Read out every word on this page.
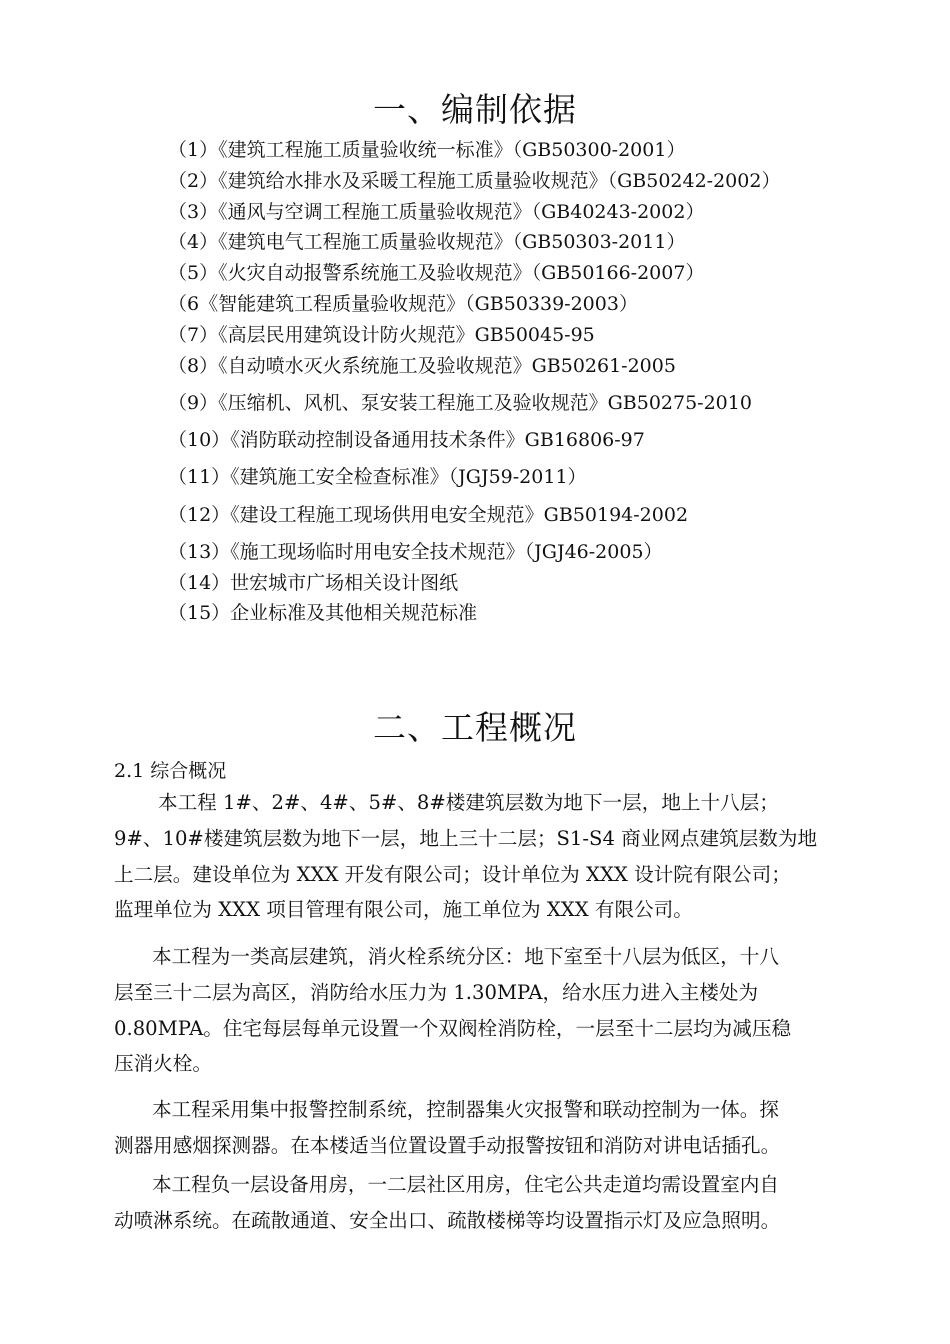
一、编制依据
（1）《建筑工程施工质量验收统一标准》（GB50300-2001）
（2）《建筑给水排水及采暖工程施工质量验收规范》（GB50242-2002）
（3）《通风与空调工程施工质量验收规范》（GB40243-2002）
（4）《建筑电气工程施工质量验收规范》（GB50303-2011）
（5）《火灾自动报警系统施工及验收规范》（GB50166-2007）
（6《智能建筑工程质量验收规范》（GB50339-2003）
（7）《高层民用建筑设计防火规范》GB50045-95
（8）《自动喷水灭火系统施工及验收规范》GB50261-2005
（9）《压缩机、风机、泵安装工程施工及验收规范》GB50275-2010
（10）《消防联动控制设备通用技术条件》GB16806-97
（11）《建筑施工安全检查标准》（JGJ59-2011）
（12）《建设工程施工现场供用电安全规范》GB50194-2002
（13）《施工现场临时用电安全技术规范》（JGJ46-2005）
（14）世宏城市广场相关设计图纸
（15）企业标准及其他相关规范标准
二、工程概况
2.1 综合概况

本工程 1#、2#、4#、5#、8#楼建筑层数为地下一层，地上十八层；
9#、10#楼建筑层数为地下一层，地上三十二层；S1-S4 商业网点建筑层数为地
上二层。建设单位为 XXX 开发有限公司；设计单位为 XXX 设计院有限公司；
监理单位为 XXX 项目管理有限公司，施工单位为 XXX 有限公司。

本工程为一类高层建筑，消火栓系统分区：地下室至十八层为低区，十八
层至三十二层为高区，消防给水压力为 1.30MPA，给水压力进入主楼处为
0.80MPA。住宅每层每单元设置一个双阀栓消防栓，一层至十二层均为减压稳
压消火栓。

本工程采用集中报警控制系统，控制器集火灾报警和联动控制为一体。探
测器用感烟探测器。在本楼适当位置设置手动报警按钮和消防对讲电话插孔。

本工程负一层设备用房，一二层社区用房，住宅公共走道均需设置室内自
动喷淋系统。在疏散通道、安全出口、疏散楼梯等均设置指示灯及应急照明。
